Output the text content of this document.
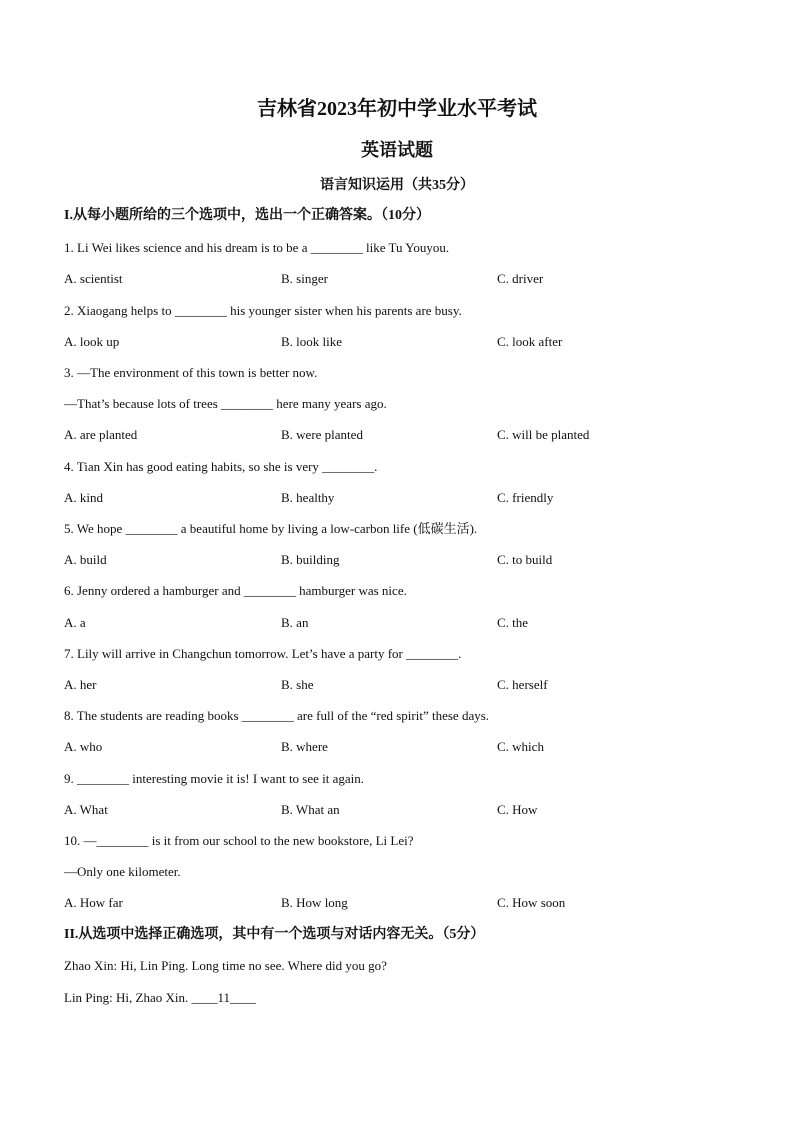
吉林省2023年初中学业水平考试
英语试题
语言知识运用（共35分）
I.从每小题所给的三个选项中，选出一个正确答案。（10分）
1. Li Wei likes science and his dream is to be a ________ like Tu Youyou.
A. scientist	B. singer	C. driver
2. Xiaogang helps to ________ his younger sister when his parents are busy.
A. look up	B. look like	C. look after
3. —The environment of this town is better now.
—That’s because lots of trees ________ here many years ago.
A. are planted	B. were planted	C. will be planted
4. Tian Xin has good eating habits, so she is very ________.
A. kind	B. healthy	C. friendly
5. We hope ________ a beautiful home by living a low-carbon life (低碳生活).
A. build	B. building	C. to build
6. Jenny ordered a hamburger and ________ hamburger was nice.
A. a	B. an	C. the
7. Lily will arrive in Changchun tomorrow. Let’s have a party for ________.
A. her	B. she	C. herself
8. The students are reading books ________ are full of the “red spirit” these days.
A. who	B. where	C. which
9. ________ interesting movie it is! I want to see it again.
A. What	B. What an	C. How
10. —________ is it from our school to the new bookstore, Li Lei?
—Only one kilometer.
A. How far	B. How long	C. How soon
II.从选项中选择正确选项，其中有一个选项与对话内容无关。（5分）
Zhao Xin: Hi, Lin Ping. Long time no see. Where did you go?
Lin Ping: Hi, Zhao Xin. ____11____
